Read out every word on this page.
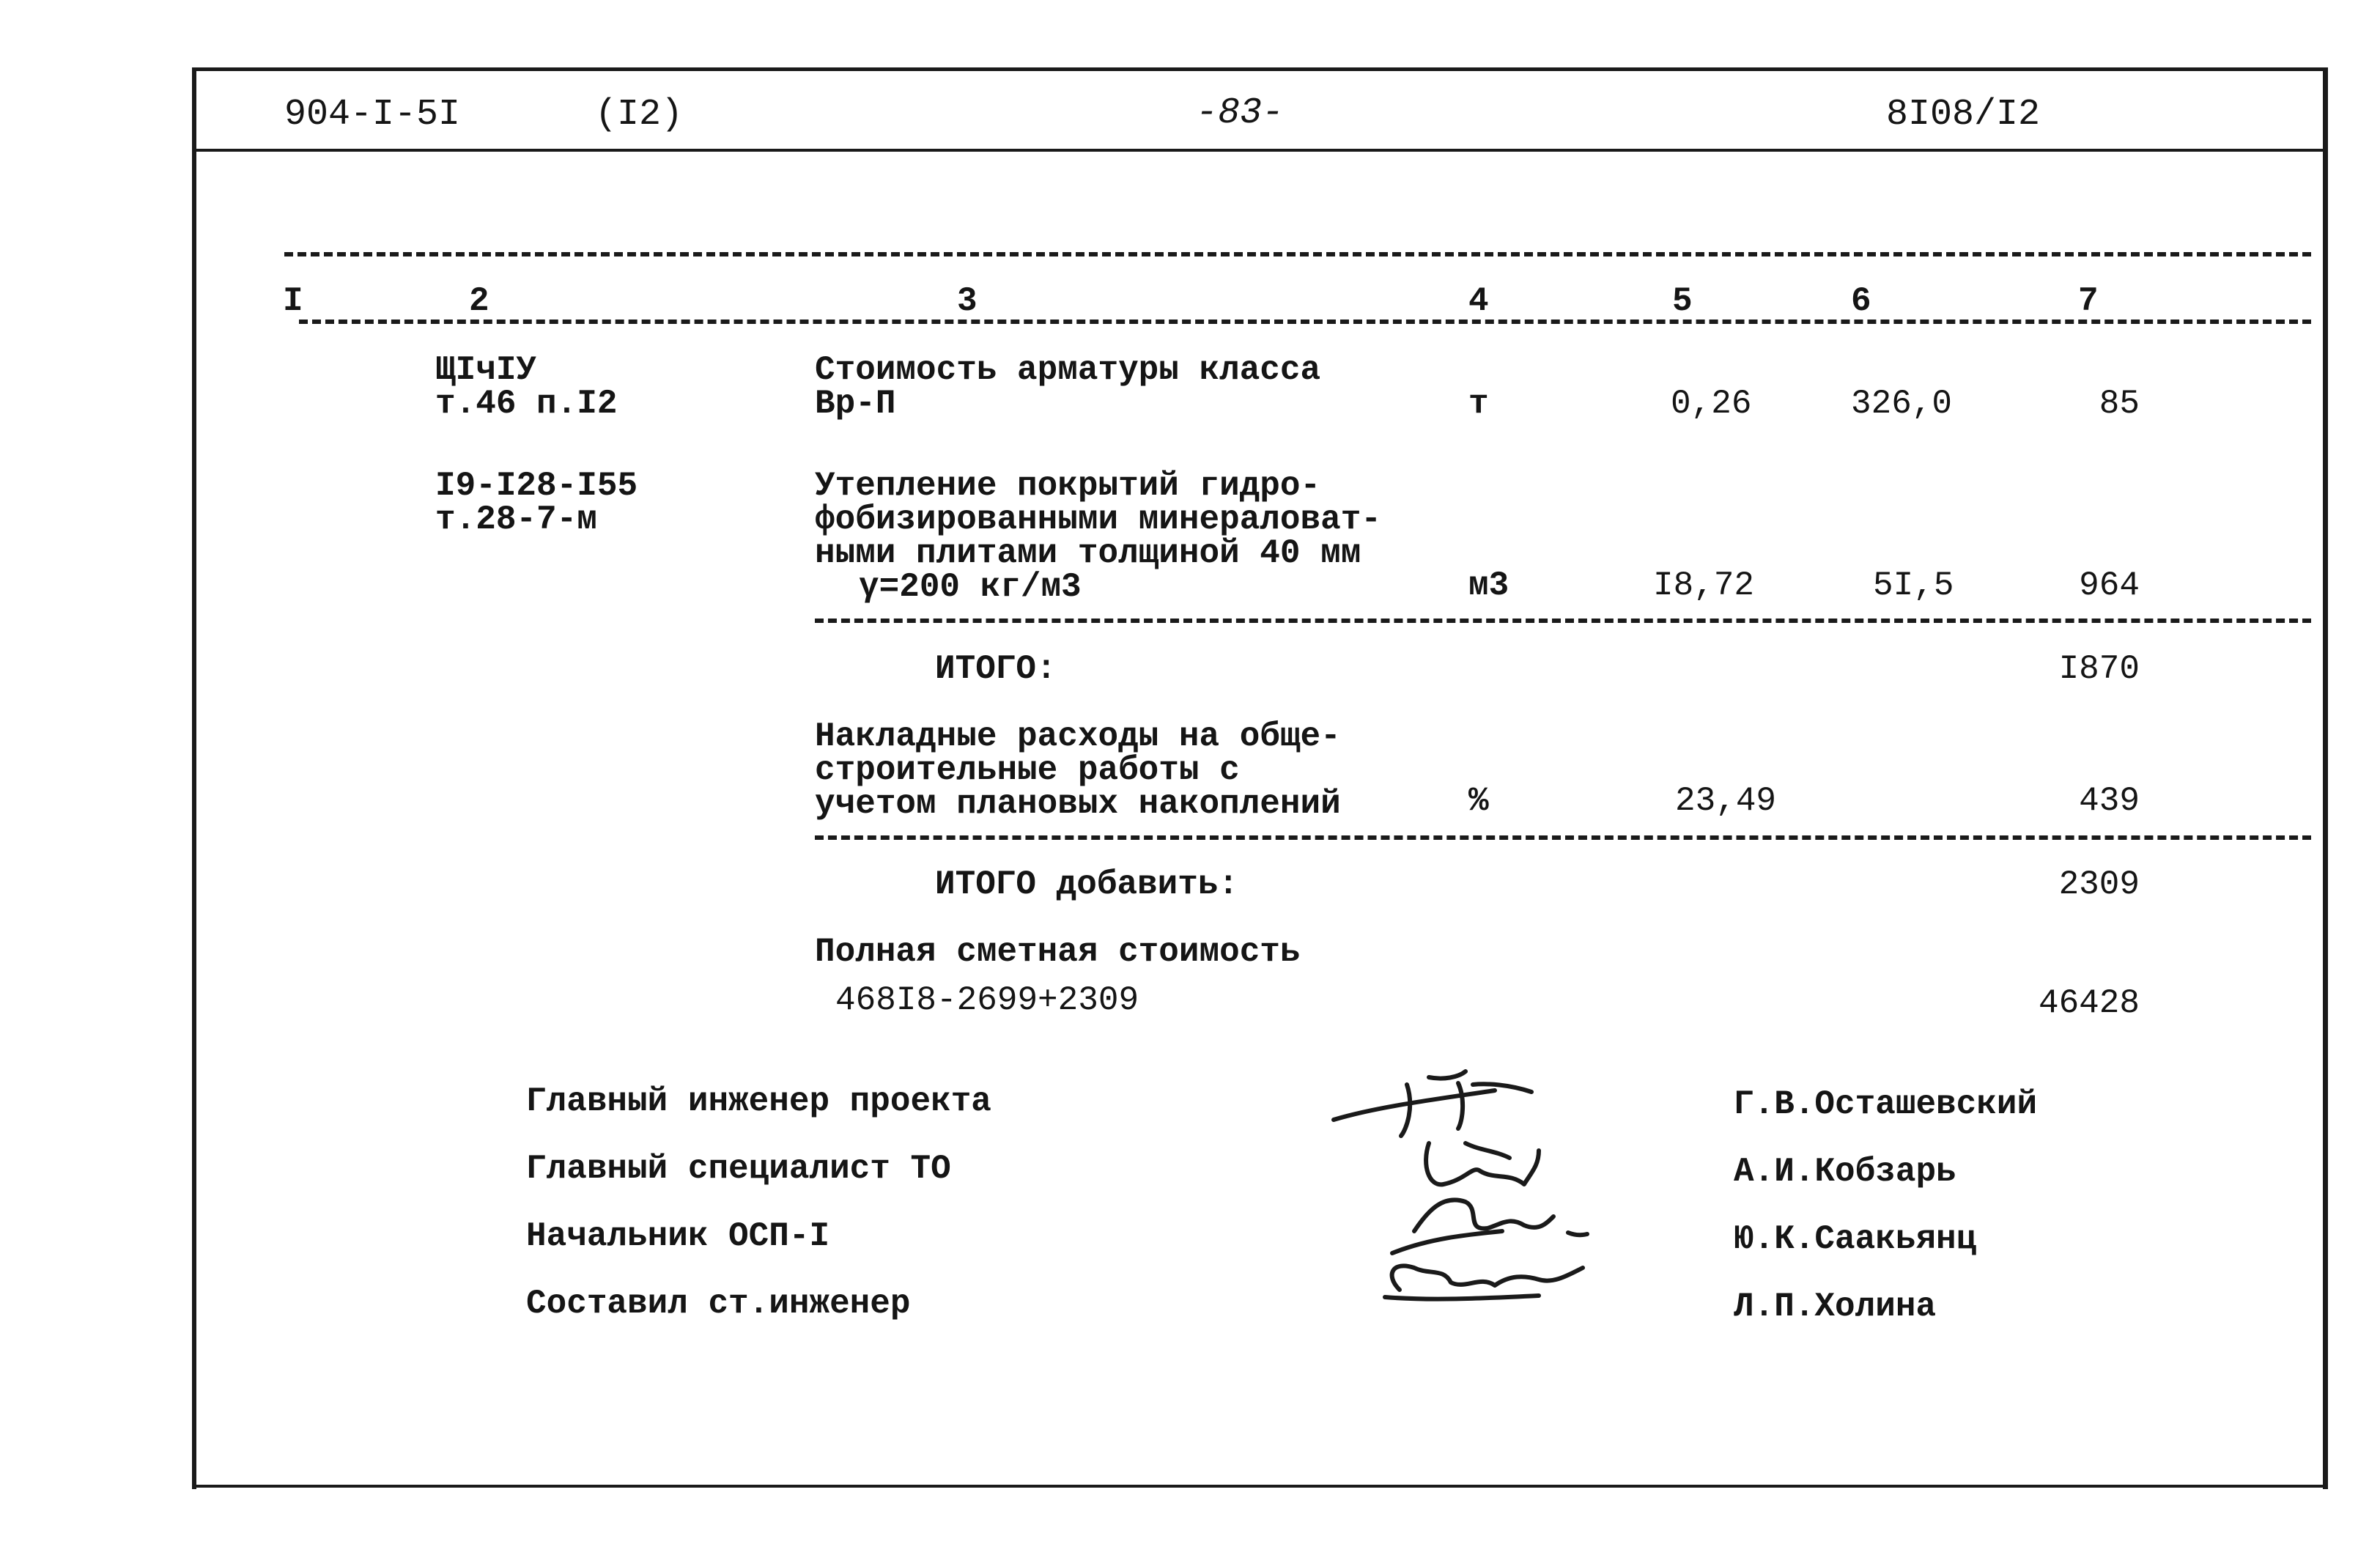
904-I-5I	(I2)	-83-	8I08/I2
I	2	3	4	5	6	7
ЩIчIУ
т.46 п.I2
Стоимость арматуры класса
Вр-П	т	0,26	326,0	85
I9-I28-I55
т.28-7-м
Утепление покрытий гидро-
фобизированными минераловат-
ными плитами толщиной 40 мм
γ=200 кг/м3	м3	I8,72	5I,5	964
ИТОГО:	I870
Накладные расходы на обще-
строительные работы с
учетом плановых накоплений	%	23,49	439
ИТОГО добавить:	2309
Полная сметная стоимость
468I8-2699+2309	46428
Главный инженер проекта	Г.В.Осташевский
Главный специалист ТО	А.И.Кобзарь
Начальник ОСП-I	Ю.К.Саакьянц
Составил ст.инженер	Л.П.Холина
